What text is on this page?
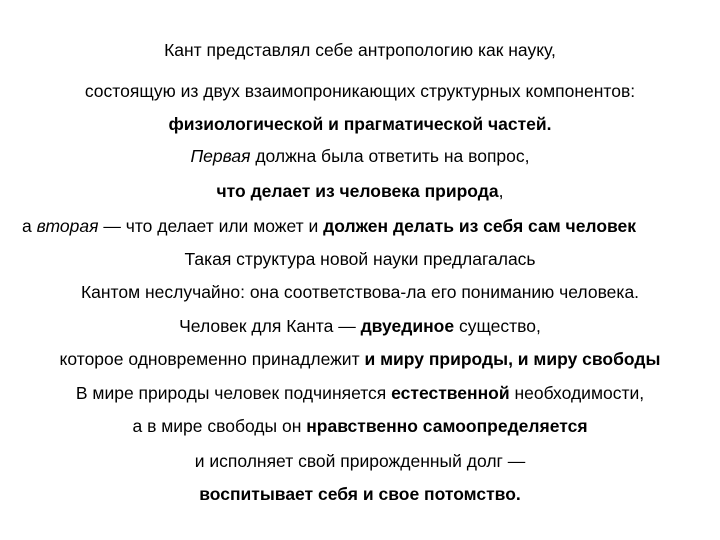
Кант представлял себе антропологию как науку,
состоящую из двух взаимопроникающих структурных компонентов:
физиологической и прагматической частей.
Первая должна была ответить на вопрос,
что делает из человека природа,
а вторая — что делает или может и должен делать из себя сам человек
Такая структура новой науки предлагалась
Кантом неслучайно: она соответствова-ла его пониманию человека.
Человек для Канта — двуединое существо,
которое одновременно принадлежит и миру природы, и миру свободы
В мире природы человек подчиняется естественной необходимости,
а в мире свободы он нравственно самоопределяется
и исполняет свой прирожденный долг —
воспитывает себя и свое потомство.
